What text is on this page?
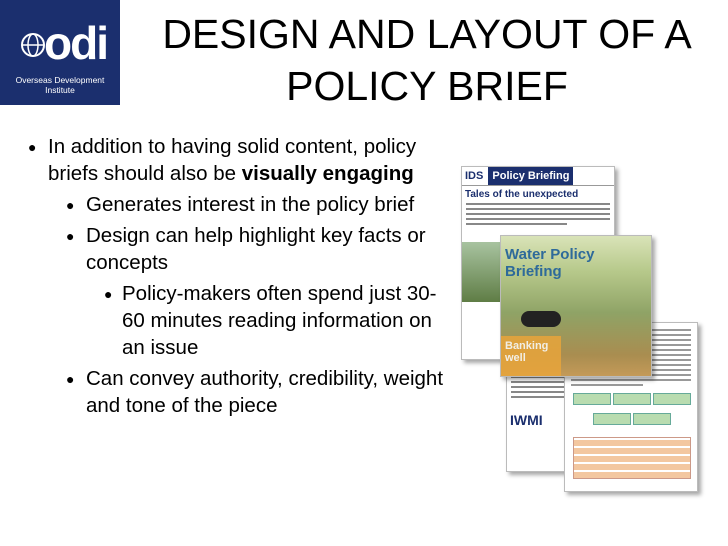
odi
Overseas Development Institute
DESIGN AND LAYOUT OF A POLICY BRIEF
● In addition to having solid content, policy briefs should also be visually engaging
● Generates interest in the policy brief
● Design can help highlight key facts or concepts
● Policy-makers often spend just 30-60 minutes reading information on an issue
● Can convey authority, credibility, weight and tone of the piece
IDS Policy Briefing
Tales of the unexpected
Water Policy Briefing
Banking well
IWMI
